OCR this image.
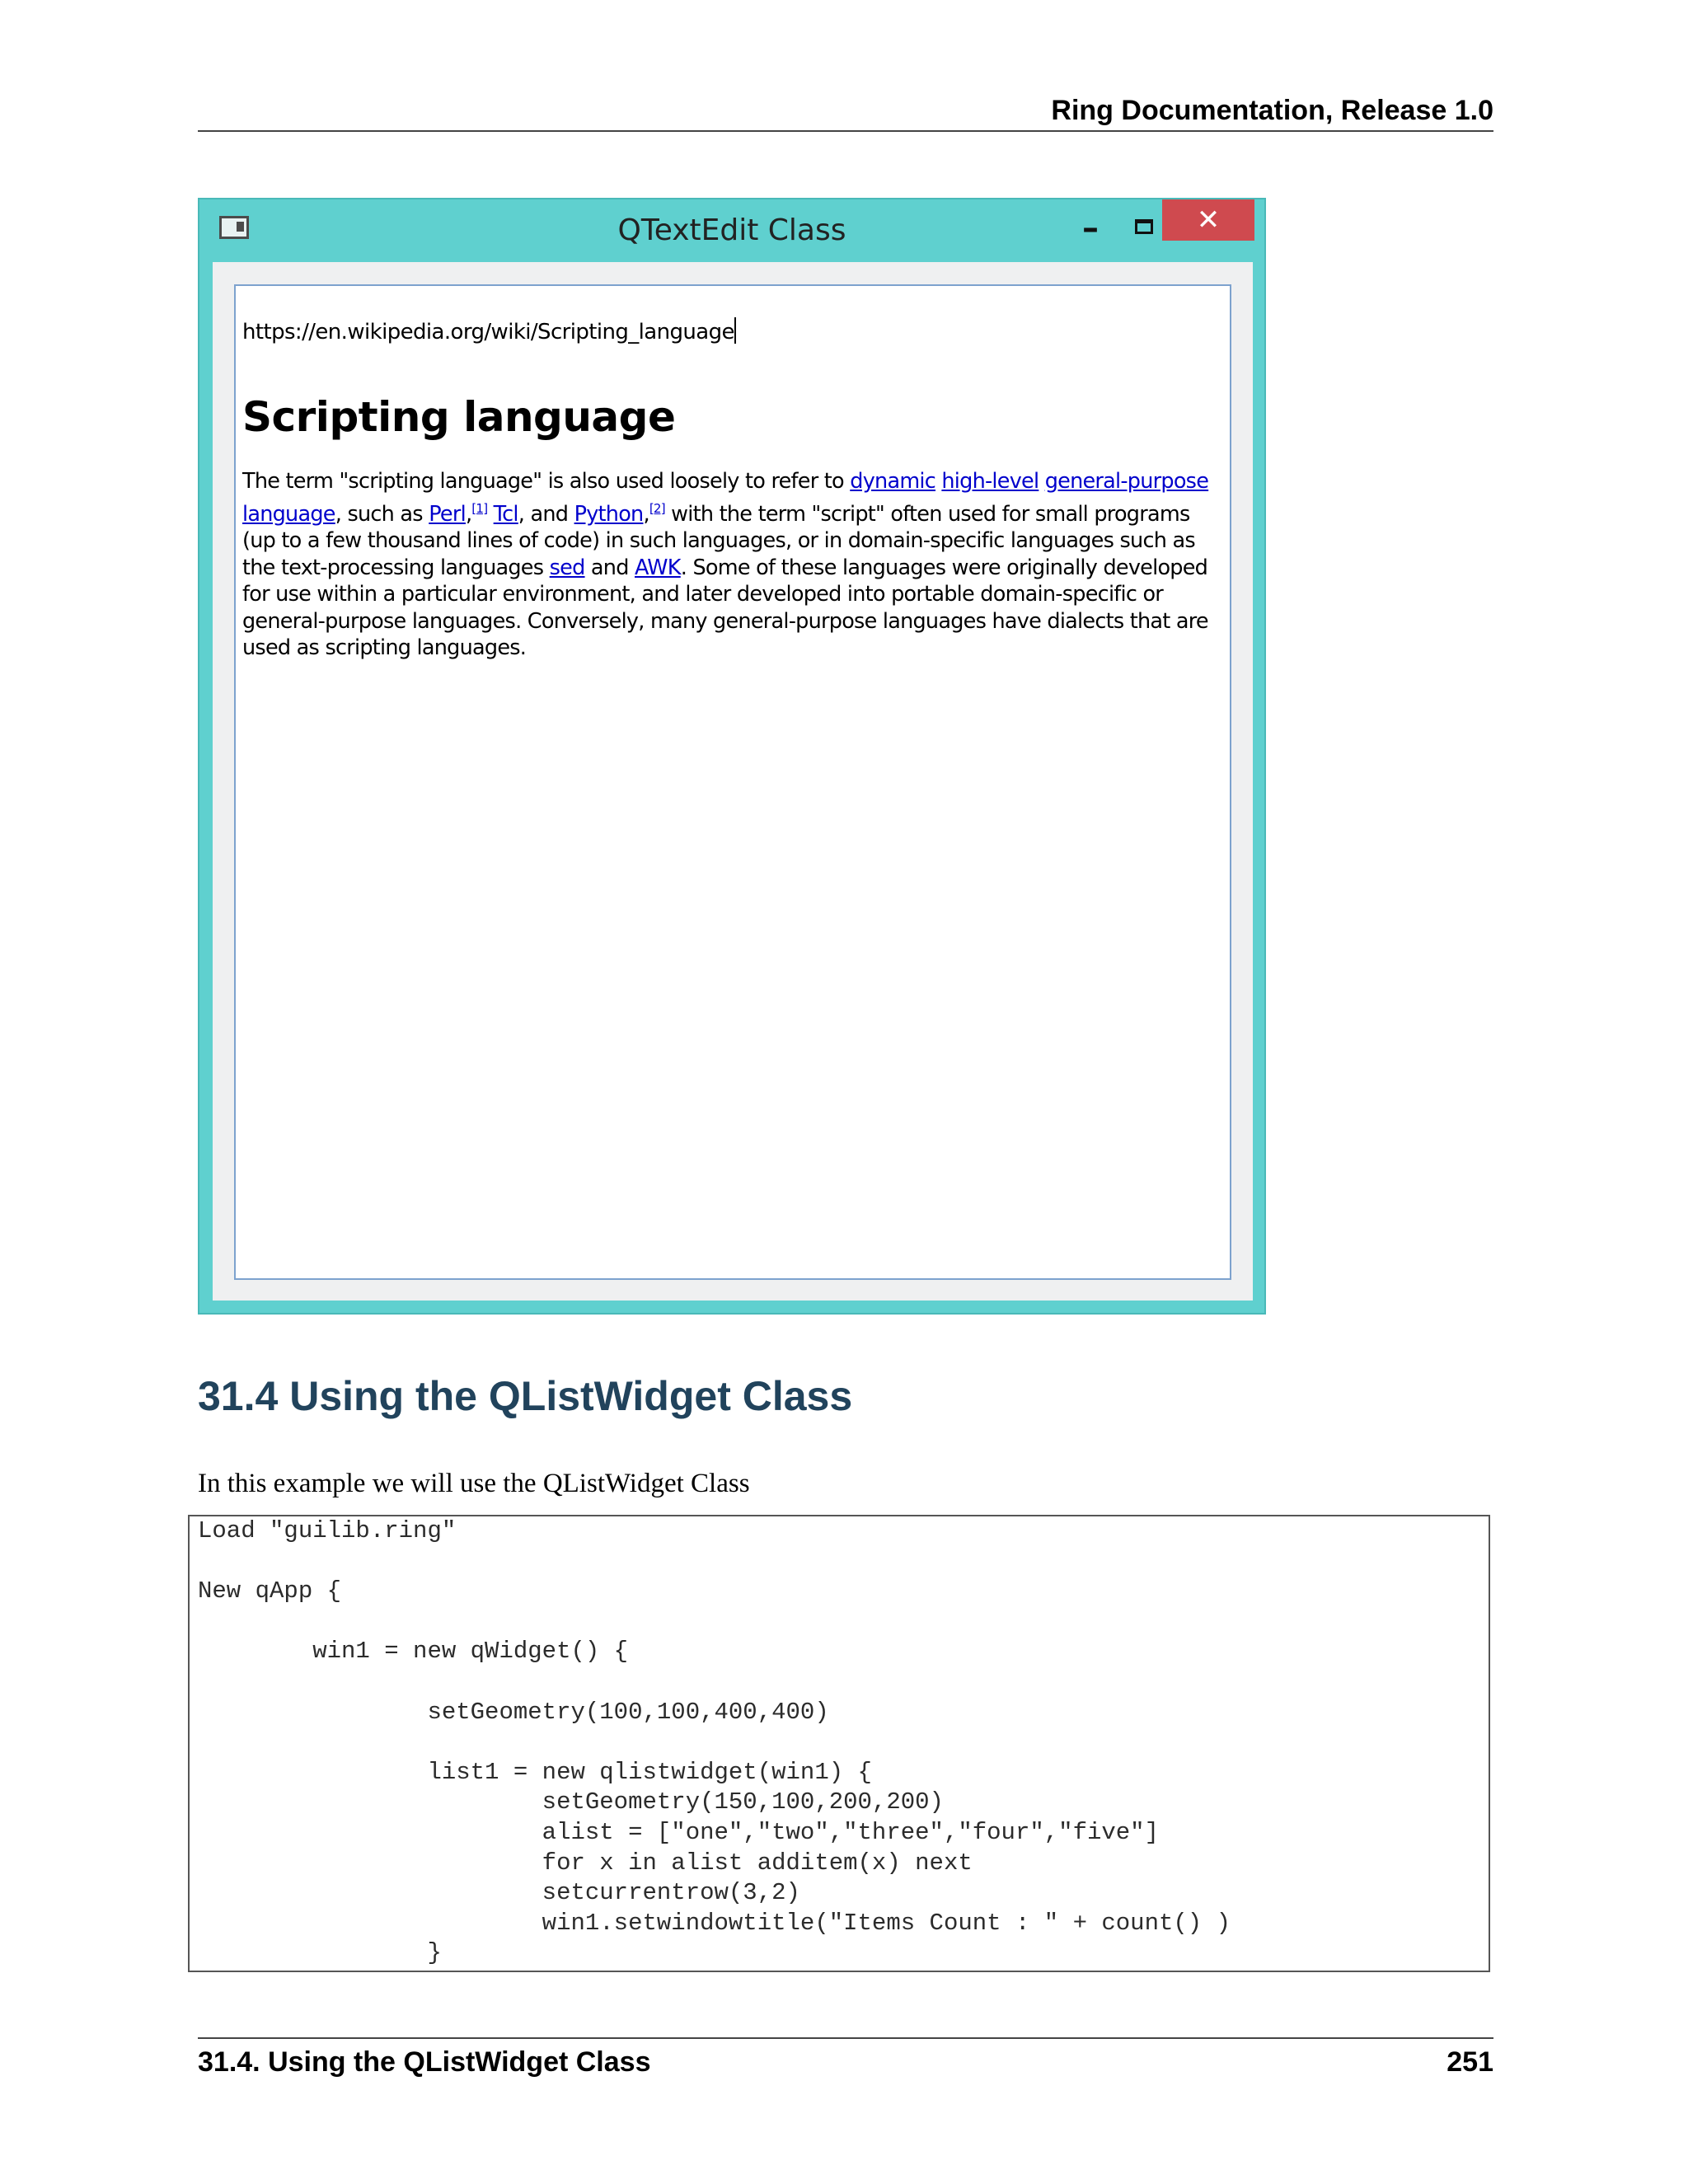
Ring Documentation, Release 1.0
QTextEdit Class	–	✕
https://en.wikipedia.org/wiki/Scripting_language
Scripting language
The term "scripting language" is also used loosely to refer to dynamic high-level general-purpose language, such as Perl,[1] Tcl, and Python,[2] with the term "script" often used for small programs (up to a few thousand lines of code) in such languages, or in domain-specific languages such as the text-processing languages sed and AWK. Some of these languages were originally developed for use within a particular environment, and later developed into portable domain-specific or general-purpose languages. Conversely, many general-purpose languages have dialects that are used as scripting languages.
31.4 Using the QListWidget Class

In this example we will use the QListWidget Class

Load "guilib.ring"

New qApp {

win1 = new qWidget() {

setGeometry(100,100,400,400)

list1 = new qlistwidget(win1) {
setGeometry(150,100,200,200)
alist = ["one","two","three","four","five"]
for x in alist additem(x) next
setcurrentrow(3,2)
win1.setwindowtitle("Items Count : " + count() )
}
31.4. Using the QListWidget Class	251
